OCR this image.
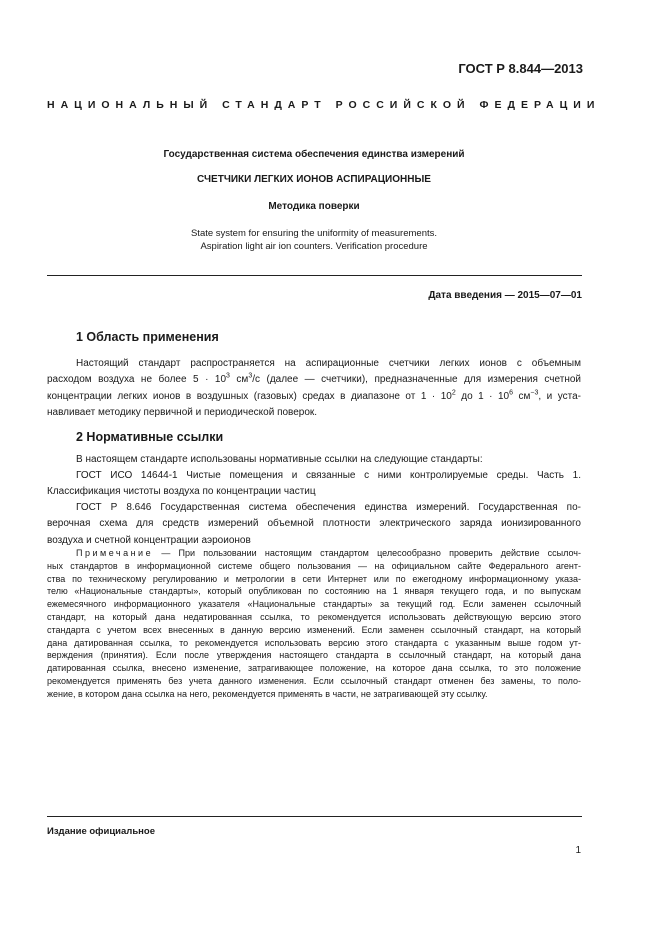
ГОСТ Р 8.844—2013
НАЦИОНАЛЬНЫЙ СТАНДАРТ РОССИЙСКОЙ ФЕДЕРАЦИИ
Государственная система обеспечения единства измерений
СЧЕТЧИКИ ЛЕГКИХ ИОНОВ АСПИРАЦИОННЫЕ
Методика поверки
State system for ensuring the uniformity of measurements.
Aspiration light air ion counters. Verification procedure
Дата введения — 2015—07—01
1 Область применения
Настоящий стандарт распространяется на аспирационные счетчики легких ионов с объемным
расходом воздуха не более $5 \cdot 10^3$ $см^3/с$ (далее — счетчики), предназначенные для измерения счетной
концентрации легких ионов в воздушных (газовых) средах в диапазоне от $1 \cdot 10^2$ до $1 \cdot 10^6$ $см^{-3}$, и уста-
навливает методику первичной и периодической поверок.
2 Нормативные ссылки
В настоящем стандарте использованы нормативные ссылки на следующие стандарты:
ГОСТ ИСО 14644-1 Чистые помещения и связанные с ними контролируемые среды. Часть 1.
Классификация чистоты воздуха по концентрации частиц
ГОСТ Р 8.646 Государственная система обеспечения единства измерений. Государственная по-
верочная схема для средств измерений объемной плотности электрического заряда ионизированного
воздуха и счетной концентрации аэроионов
Примечание — При пользовании настоящим стандартом целесообразно проверить действие ссылоч-
ных стандартов в информационной системе общего пользования — на официальном сайте Федерального агент-
ства по техническому регулированию и метрологии в сети Интернет или по ежегодному информационному указа-
телю «Национальные стандарты», который опубликован по состоянию на 1 января текущего года, и по выпускам
ежемесячного информационного указателя «Национальные стандарты» за текущий год. Если заменен ссылочный
стандарт, на который дана недатированная ссылка, то рекомендуется использовать действующую версию этого
стандарта с учетом всех внесенных в данную версию изменений. Если заменен ссылочный стандарт, на который
дана датированная ссылка, то рекомендуется использовать версию этого стандарта с указанным выше годом ут-
верждения (принятия). Если после утверждения настоящего стандарта в ссылочный стандарт, на который дана
датированная ссылка, внесено изменение, затрагивающее положение, на которое дана ссылка, то это положение
рекомендуется применять без учета данного изменения. Если ссылочный стандарт отменен без замены, то поло-
жение, в котором дана ссылка на него, рекомендуется применять в части, не затрагивающей эту ссылку.
Издание официальное
1
